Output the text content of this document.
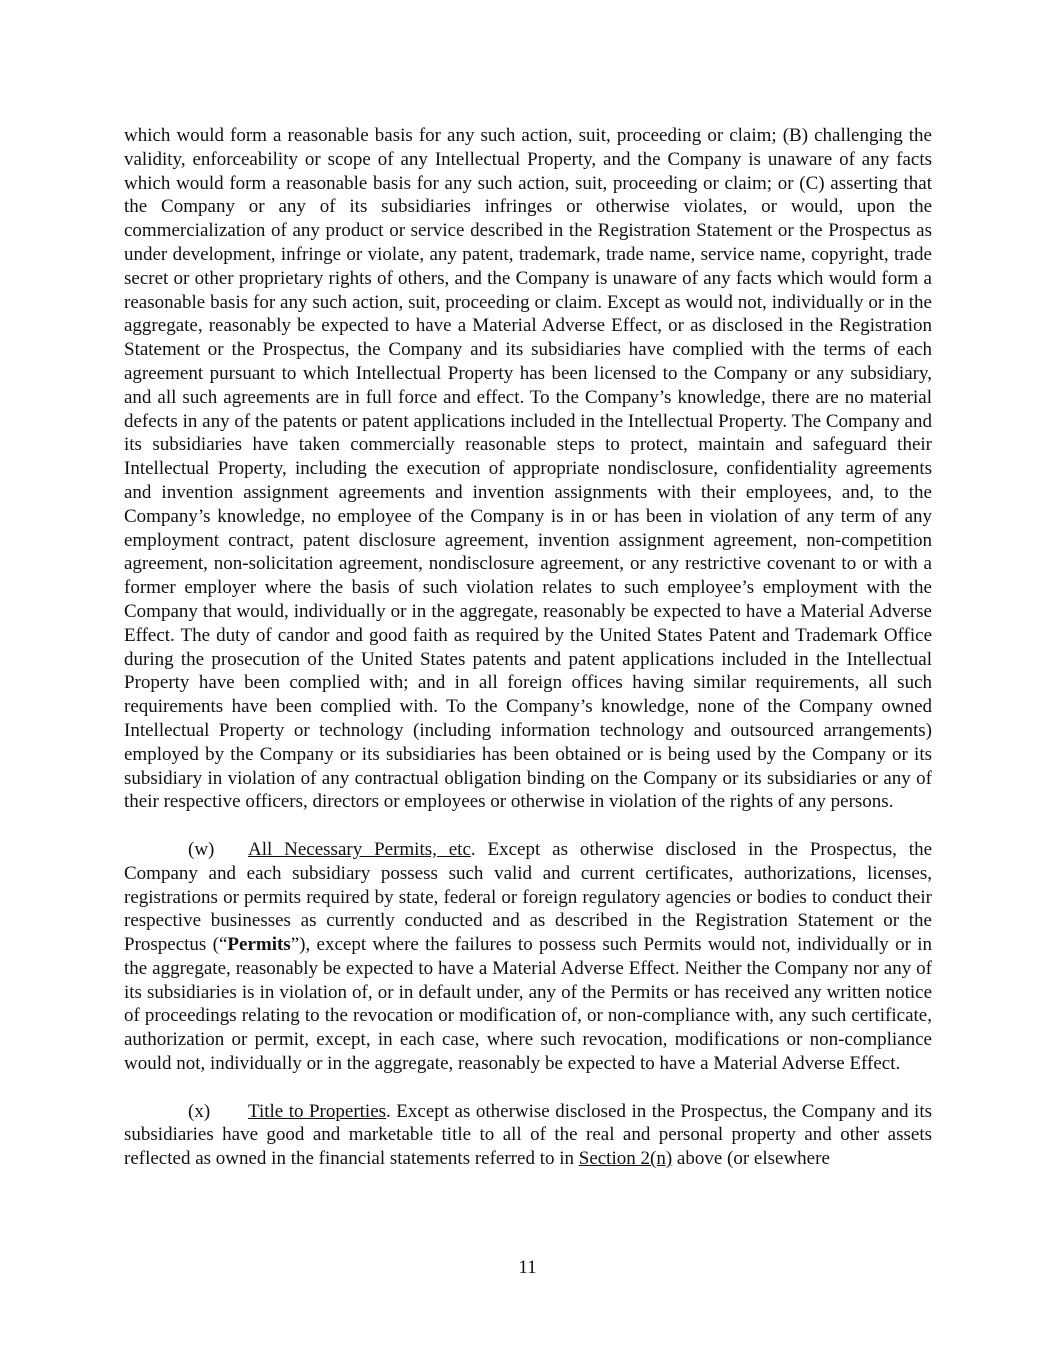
which would form a reasonable basis for any such action, suit, proceeding or claim; (B) challenging the validity, enforceability or scope of any Intellectual Property, and the Company is unaware of any facts which would form a reasonable basis for any such action, suit, proceeding or claim; or (C) asserting that the Company or any of its subsidiaries infringes or otherwise violates, or would, upon the commercialization of any product or service described in the Registration Statement or the Prospectus as under development, infringe or violate, any patent, trademark, trade name, service name, copyright, trade secret or other proprietary rights of others, and the Company is unaware of any facts which would form a reasonable basis for any such action, suit, proceeding or claim. Except as would not, individually or in the aggregate, reasonably be expected to have a Material Adverse Effect, or as disclosed in the Registration Statement or the Prospectus, the Company and its subsidiaries have complied with the terms of each agreement pursuant to which Intellectual Property has been licensed to the Company or any subsidiary, and all such agreements are in full force and effect. To the Company’s knowledge, there are no material defects in any of the patents or patent applications included in the Intellectual Property. The Company and its subsidiaries have taken commercially reasonable steps to protect, maintain and safeguard their Intellectual Property, including the execution of appropriate nondisclosure, confidentiality agreements and invention assignment agreements and invention assignments with their employees, and, to the Company’s knowledge, no employee of the Company is in or has been in violation of any term of any employment contract, patent disclosure agreement, invention assignment agreement, non-competition agreement, non-solicitation agreement, nondisclosure agreement, or any restrictive covenant to or with a former employer where the basis of such violation relates to such employee’s employment with the Company that would, individually or in the aggregate, reasonably be expected to have a Material Adverse Effect. The duty of candor and good faith as required by the United States Patent and Trademark Office during the prosecution of the United States patents and patent applications included in the Intellectual Property have been complied with; and in all foreign offices having similar requirements, all such requirements have been complied with. To the Company’s knowledge, none of the Company owned Intellectual Property or technology (including information technology and outsourced arrangements) employed by the Company or its subsidiaries has been obtained or is being used by the Company or its subsidiary in violation of any contractual obligation binding on the Company or its subsidiaries or any of their respective officers, directors or employees or otherwise in violation of the rights of any persons.

(w) All Necessary Permits, etc. Except as otherwise disclosed in the Prospectus, the Company and each subsidiary possess such valid and current certificates, authorizations, licenses, registrations or permits required by state, federal or foreign regulatory agencies or bodies to conduct their respective businesses as currently conducted and as described in the Registration Statement or the Prospectus (“Permits”), except where the failures to possess such Permits would not, individually or in the aggregate, reasonably be expected to have a Material Adverse Effect. Neither the Company nor any of its subsidiaries is in violation of, or in default under, any of the Permits or has received any written notice of proceedings relating to the revocation or modification of, or non-compliance with, any such certificate, authorization or permit, except, in each case, where such revocation, modifications or non-compliance would not, individually or in the aggregate, reasonably be expected to have a Material Adverse Effect.

(x) Title to Properties. Except as otherwise disclosed in the Prospectus, the Company and its subsidiaries have good and marketable title to all of the real and personal property and other assets reflected as owned in the financial statements referred to in Section 2(n) above (or elsewhere

11
